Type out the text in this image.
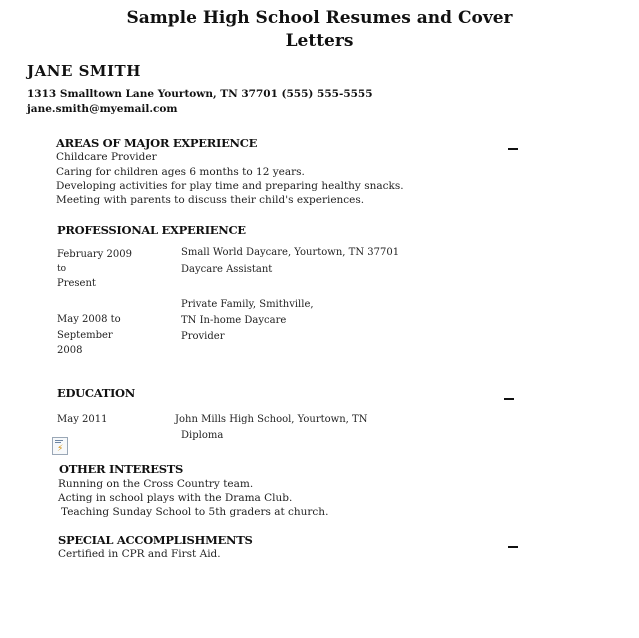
Sample High School Resumes and Cover
Letters
JANE SMITH
1313 Smalltown Lane Yourtown, TN 37701 (555) 555-5555
jane.smith@myemail.com
AREAS OF MAJOR EXPERIENCE
Childcare Provider
Caring for children ages 6 months to 12 years.
Developing activities for play time and preparing healthy snacks.
Meeting with parents to discuss their child's experiences.
PROFESSIONAL EXPERIENCE
February 2009
to
Present
Small World Daycare, Yourtown, TN 37701
Daycare Assistant
Private Family, Smithville,
TN In-home Daycare
Provider
May 2008 to
September
2008
EDUCATION
May 2011	John Mills High School, Yourtown, TN
Diploma
⚡
OTHER INTERESTS
Running on the Cross Country team.
Acting in school plays with the Drama Club.
Teaching Sunday School to 5th graders at church.
SPECIAL ACCOMPLISHMENTS
Certified in CPR and First Aid.
